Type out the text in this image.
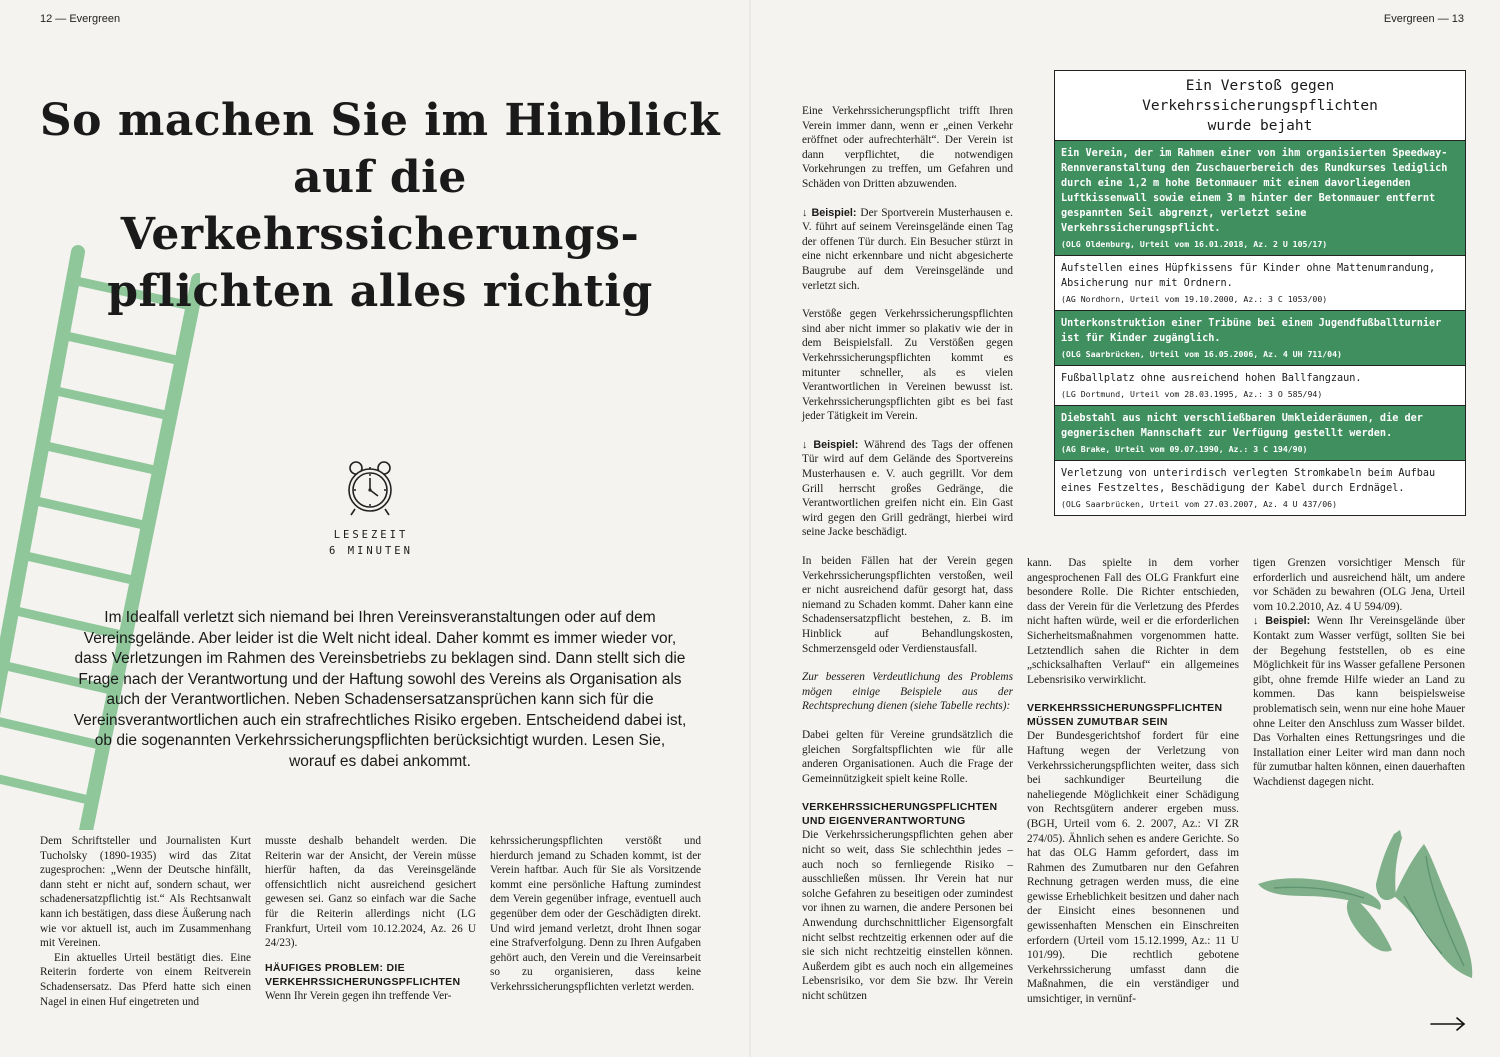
12 — Evergreen
So machen Sie im Hinblick
auf die Verkehrssicherungs-
pflichten alles richtig
LESEZEIT
6 MINUTEN

Im Idealfall verletzt sich niemand bei Ihren Vereinsveranstaltungen oder auf dem Vereinsgelände. Aber leider ist die Welt nicht ideal. Daher kommt es immer wieder vor, dass Verletzungen im Rahmen des Vereinsbetriebs zu beklagen sind. Dann stellt sich die Frage nach der Verantwortung und der Haftung sowohl des Vereins als Organisation als auch der Verantwortlichen. Neben Schadensersatzansprüchen kann sich für die Vereinsverantwortlichen auch ein strafrechtliches Risiko ergeben. Entscheidend dabei ist, ob die sogenannten Verkehrssicherungspflichten berücksichtigt wurden. Lesen Sie, worauf es dabei ankommt.

Dem Schriftsteller und Journalisten Kurt Tucholsky (1890-1935) wird das Zitat zugesprochen: „Wenn der Deutsche hinfällt, dann steht er nicht auf, sondern schaut, wer schadenersatzpflichtig ist.“ Als Rechtsanwalt kann ich bestätigen, dass diese Äußerung nach wie vor aktuell ist, auch im Zusammenhang mit Vereinen.

Ein aktuelles Urteil bestätigt dies. Eine Reiterin forderte von einem Reitverein Schadensersatz. Das Pferd hatte sich einen Nagel in einen Huf eingetreten und

musste deshalb behandelt werden. Die Reiterin war der Ansicht, der Verein müsse hierfür haften, da das Vereinsgelände offensichtlich nicht ausreichend gesichert gewesen sei. Ganz so einfach war die Sache für die Reiterin allerdings nicht (LG Frankfurt, Urteil vom 10.12.2024, Az. 26 U 24/23).

HÄUFIGES PROBLEM: DIE VERKEHRSSICHERUNGSPFLICHTEN

Wenn Ihr Verein gegen ihn treffende Ver-

kehrssicherungspflichten verstößt und hierdurch jemand zu Schaden kommt, ist der Verein haftbar. Auch für Sie als Vorsitzende kommt eine persönliche Haftung zumindest dem Verein gegenüber infrage, eventuell auch gegenüber dem oder der Geschädigten direkt. Und wird jemand verletzt, droht Ihnen sogar eine Strafverfolgung. Denn zu Ihren Aufgaben gehört auch, den Verein und die Vereinsarbeit so zu organisieren, dass keine Verkehrssicherungspflichten verletzt werden.

Evergreen — 13

Eine Verkehrssicherungspflicht trifft Ihren Verein immer dann, wenn er „einen Verkehr eröffnet oder aufrechterhält“. Der Verein ist dann verpflichtet, die notwendigen Vorkehrungen zu treffen, um Gefahren und Schäden von Dritten abzuwenden.

↓ Beispiel: Der Sportverein Musterhausen e. V. führt auf seinem Vereinsgelände einen Tag der offenen Tür durch. Ein Besucher stürzt in eine nicht erkennbare und nicht abgesicherte Baugrube auf dem Vereinsgelände und verletzt sich.

Verstöße gegen Verkehrssicherungspflichten sind aber nicht immer so plakativ wie der in dem Beispielsfall. Zu Verstößen gegen Verkehrssicherungspflichten kommt es mitunter schneller, als es vielen Verantwortlichen in Vereinen bewusst ist. Verkehrssicherungspflichten gibt es bei fast jeder Tätigkeit im Verein.

↓ Beispiel: Während des Tags der offenen Tür wird auf dem Gelände des Sportvereins Musterhausen e. V. auch gegrillt. Vor dem Grill herrscht großes Gedränge, die Verantwortlichen greifen nicht ein. Ein Gast wird gegen den Grill gedrängt, hierbei wird seine Jacke beschädigt.

In beiden Fällen hat der Verein gegen Verkehrssicherungspflichten verstoßen, weil er nicht ausreichend dafür gesorgt hat, dass niemand zu Schaden kommt. Daher kann eine Schadensersatzpflicht bestehen, z. B. im Hinblick auf Behandlungskosten, Schmerzensgeld oder Verdienstausfall.

Zur besseren Verdeutlichung des Problems mögen einige Beispiele aus der Rechtsprechung dienen (siehe Tabelle rechts):

Dabei gelten für Vereine grundsätzlich die gleichen Sorgfaltspflichten wie für alle anderen Organisationen. Auch die Frage der Gemeinnützigkeit spielt keine Rolle.

VERKEHRSSICHERUNGSPFLICHTEN UND EIGENVERANTWORTUNG

Die Verkehrssicherungspflichten gehen aber nicht so weit, dass Sie schlechthin jedes – auch noch so fernliegende Risiko – ausschließen müssen. Ihr Verein hat nur solche Gefahren zu beseitigen oder zumindest vor ihnen zu warnen, die andere Personen bei Anwendung durchschnittlicher Eigensorgfalt nicht selbst rechtzeitig erkennen oder auf die sie sich nicht rechtzeitig einstellen können. Außerdem gibt es auch noch ein allgemeines Lebensrisiko, vor dem Sie bzw. Ihr Verein nicht schützen

kann. Das spielte in dem vorher angesprochenen Fall des OLG Frankfurt eine besondere Rolle. Die Richter entschieden, dass der Verein für die Verletzung des Pferdes nicht haften würde, weil er die erforderlichen Sicherheitsmaßnahmen vorgenommen hatte. Letztendlich sahen die Richter in dem „schicksalhaften Verlauf“ ein allgemeines Lebensrisiko verwirklicht.

VERKEHRSSICHERUNGSPFLICHTEN MÜSSEN ZUMUTBAR SEIN

Der Bundesgerichtshof fordert für eine Haftung wegen der Verletzung von Verkehrssicherungspflichten weiter, dass sich bei sachkundiger Beurteilung die naheliegende Möglichkeit einer Schädigung von Rechtsgütern anderer ergeben muss. (BGH, Urteil vom 6. 2. 2007, Az.: VI ZR 274/05). Ähnlich sehen es andere Gerichte. So hat das OLG Hamm gefordert, dass im Rahmen des Zumutbaren nur den Gefahren Rechnung getragen werden muss, die eine gewisse Erheblichkeit besitzen und daher nach der Einsicht eines besonnenen und gewissenhaften Menschen ein Einschreiten erfordern (Urteil vom 15.12.1999, Az.: 11 U 101/99). Die rechtlich gebotene Verkehrssicherung umfasst dann die Maßnahmen, die ein verständiger und umsichtiger, in vernünf-

tigen Grenzen vorsichtiger Mensch für erforderlich und ausreichend hält, um andere vor Schäden zu bewahren (OLG Jena, Urteil vom 10.2.2010, Az. 4 U 594/09).

↓ Beispiel: Wenn Ihr Vereinsgelände über Kontakt zum Wasser verfügt, sollten Sie bei der Begehung feststellen, ob es eine Möglichkeit für ins Wasser gefallene Personen gibt, ohne fremde Hilfe wieder an Land zu kommen. Das kann beispielsweise problematisch sein, wenn nur eine hohe Mauer ohne Leiter den Anschluss zum Wasser bildet. Das Vorhalten eines Rettungsringes und die Installation einer Leiter wird man dann noch für zumutbar halten können, einen dauerhaften Wachdienst dagegen nicht.

Ein Verstoß gegen
Verkehrssicherungspflichten
wurde bejaht
Ein Verein, der im Rahmen einer von ihm organisierten Speedway-Rennveranstaltung den Zuschauerbereich des Rundkurses lediglich durch eine 1,2 m hohe Betonmauer mit einem davorliegenden Luftkissenwall sowie einem 3 m hinter der Betonmauer entfernt gespannten Seil abgrenzt, verletzt seine Verkehrssicherungspflicht.
(OLG Oldenburg, Urteil vom 16.01.2018, Az. 2 U 105/17)
Aufstellen eines Hüpfkissens für Kinder ohne Mattenumrandung, Absicherung nur mit Ordnern.
(AG Nordhorn, Urteil vom 19.10.2000, Az.: 3 C 1053/00)
Unterkonstruktion einer Tribüne bei einem Jugendfußballturnier ist für Kinder zugänglich.
(OLG Saarbrücken, Urteil vom 16.05.2006, Az. 4 UH 711/04)
Fußballplatz ohne ausreichend hohen Ballfangzaun.
(LG Dortmund, Urteil vom 28.03.1995, Az.: 3 O 585/94)
Diebstahl aus nicht verschließbaren Umkleideräumen, die der gegnerischen Mannschaft zur Verfügung gestellt werden.
(AG Brake, Urteil vom 09.07.1990, Az.: 3 C 194/90)
Verletzung von unterirdisch verlegten Stromkabeln beim Aufbau eines Festzeltes, Beschädigung der Kabel durch Erdnägel.
(OLG Saarbrücken, Urteil vom 27.03.2007, Az. 4 U 437/06)
